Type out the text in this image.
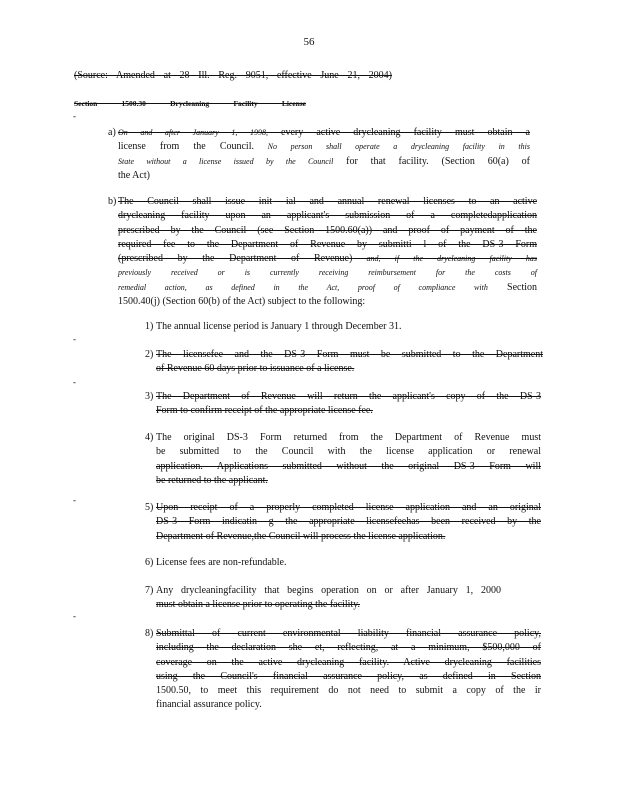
56
(Source: Amended at 28 Ill. Reg. 9051, effective June 21, 2004)
Section 1500.30 Drycleaning Facility License
-
-
-
-
-
a) On and after January 1, 1998, every active drycleaning facility must obtain a
license from the Council. No person shall operate a drycleaning facility in this
State without a license issued by the Council for that facility. (Section 60(a) of
the Act)
b) The Council shall issue init ial and annual renewal licenses to an active
drycleaning facility upon an applicant's submission of a completedapplication
prescribed by the Council (see Section 1500.60(a)) and proof of payment of the
required fee to the Department of Revenue by submitti l of the DS-3 Form
(prescribed by the Department of Revenue) and, if the drycleaning facility has
previously received or is currently receiving reimbursement for the costs of
remedial action, as defined in the Act, proof of compliance with Section
1500.40(j) (Section 60(b) of the Act) subject to the following:
1) The annual license period is January 1 through December 31.
2) The licensefee and the DS-3 Form must be submitted to the Department
of Revenue 60 days prior to issuance of a license.
3) The Department of Revenue will return the applicant's copy of the DS-3
Form to confirm receipt of the appropriate license fee.
4) The original DS-3 Form returned from the Department of Revenue must
be submitted to the Council with the license application or renewal
application. Applications submitted without the original DS-3 Form will
be returned to the applicant.
5) Upon receipt of a properly completed license application and an original
DS-3 Form indicatin g the appropriate licensefeehas been received by the
Department of Revenue,the Council will process the license application.
6) License fees are non-refundable.
7) Any drycleaningfacility that begins operation on or after January 1, 2000
must obtain a license prior to operating the facility.
8) Submittal of current environmental liability financial assurance policy,
including the declaration she et, reflecting, at a minimum, $500,000 of
coverage on the active drycleaning facility. Active drycleaning facilities
using the Council's financial assurance policy, as defined in Section
1500.50, to meet this requirement do not need to submit a copy of the ir
financial assurance policy.
